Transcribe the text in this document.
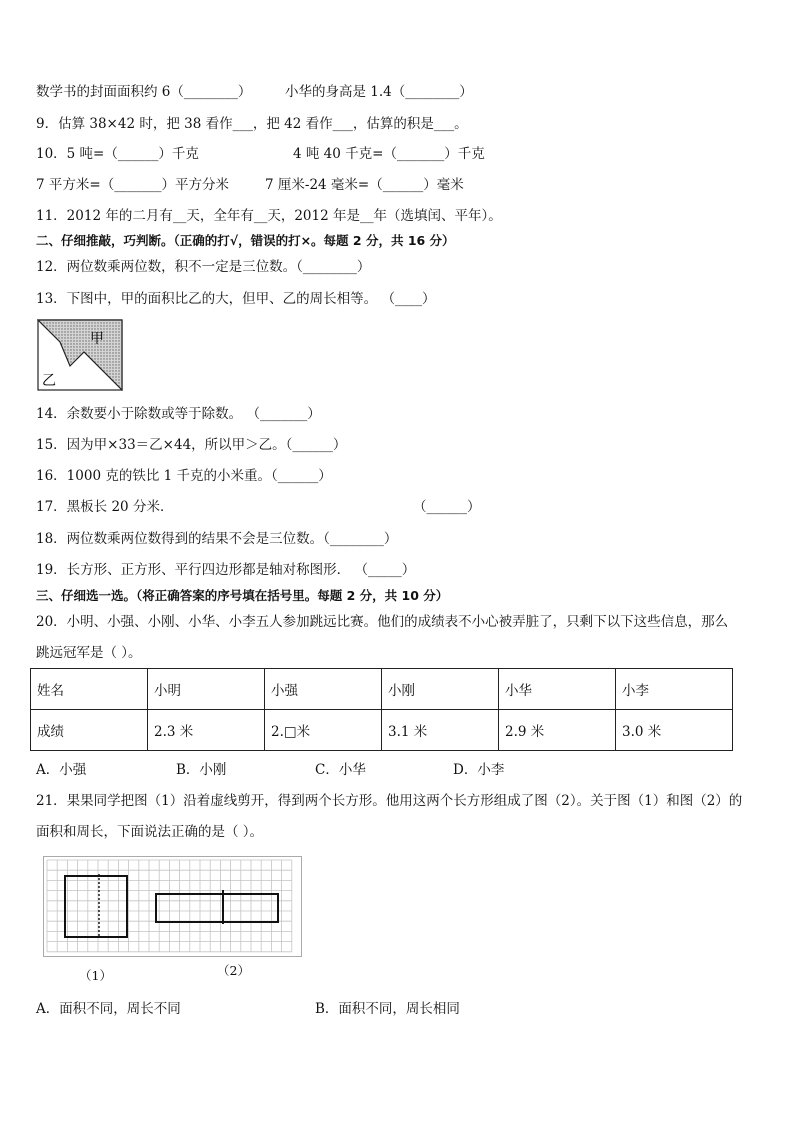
数学书的封面面积约 6（________） 小华的身高是 1.4（________）
9．估算 38×42 时，把 38 看作___，把 42 看作___，估算的积是___。
10．5 吨=（______）千克	4 吨 40 千克=（_______）千克
7 平方米=（_______）平方分米	7 厘米-24 毫米=（______）毫米
11．2012 年的二月有__天，全年有__天，2012 年是__年（选填闰、平年）。
二、仔细推敲，巧判断。（正确的打√，错误的打×。每题 2 分，共 16 分）
12．两位数乘两位数，积不一定是三位数。（________）
13．下图中，甲的面积比乙的大，但甲、乙的周长相等。 （____）
甲
乙
14．余数要小于除数或等于除数。 （_______）
15．因为甲×33＝乙×44，所以甲＞乙。（______）
16．1000 克的铁比 1 千克的小米重。（______）
17．黑板长 20 分米．	（______）
18．两位数乘两位数得到的结果不会是三位数。（________）
19．长方形、正方形、平行四边形都是轴对称图形． （_____）
三、仔细选一选。（将正确答案的序号填在括号里。每题 2 分，共 10 分）
20．小明、小强、小刚、小华、小李五人参加跳远比赛。他们的成绩表不小心被弄脏了，只剩下以下这些信息，那么
跳远冠军是（ ）。
姓名	小明	小强	小刚	小华	小李
成绩	2.3 米	2.□米	3.1 米	2.9 米	3.0 米
A．小强	B．小刚	C．小华	D．小李
21．果果同学把图（1）沿着虚线剪开，得到两个长方形。他用这两个长方形组成了图（2）。关于图（1）和图（2）的
面积和周长，下面说法正确的是（ ）。
（1）	（2）
A．面积不同，周长不同	B．面积不同，周长相同
